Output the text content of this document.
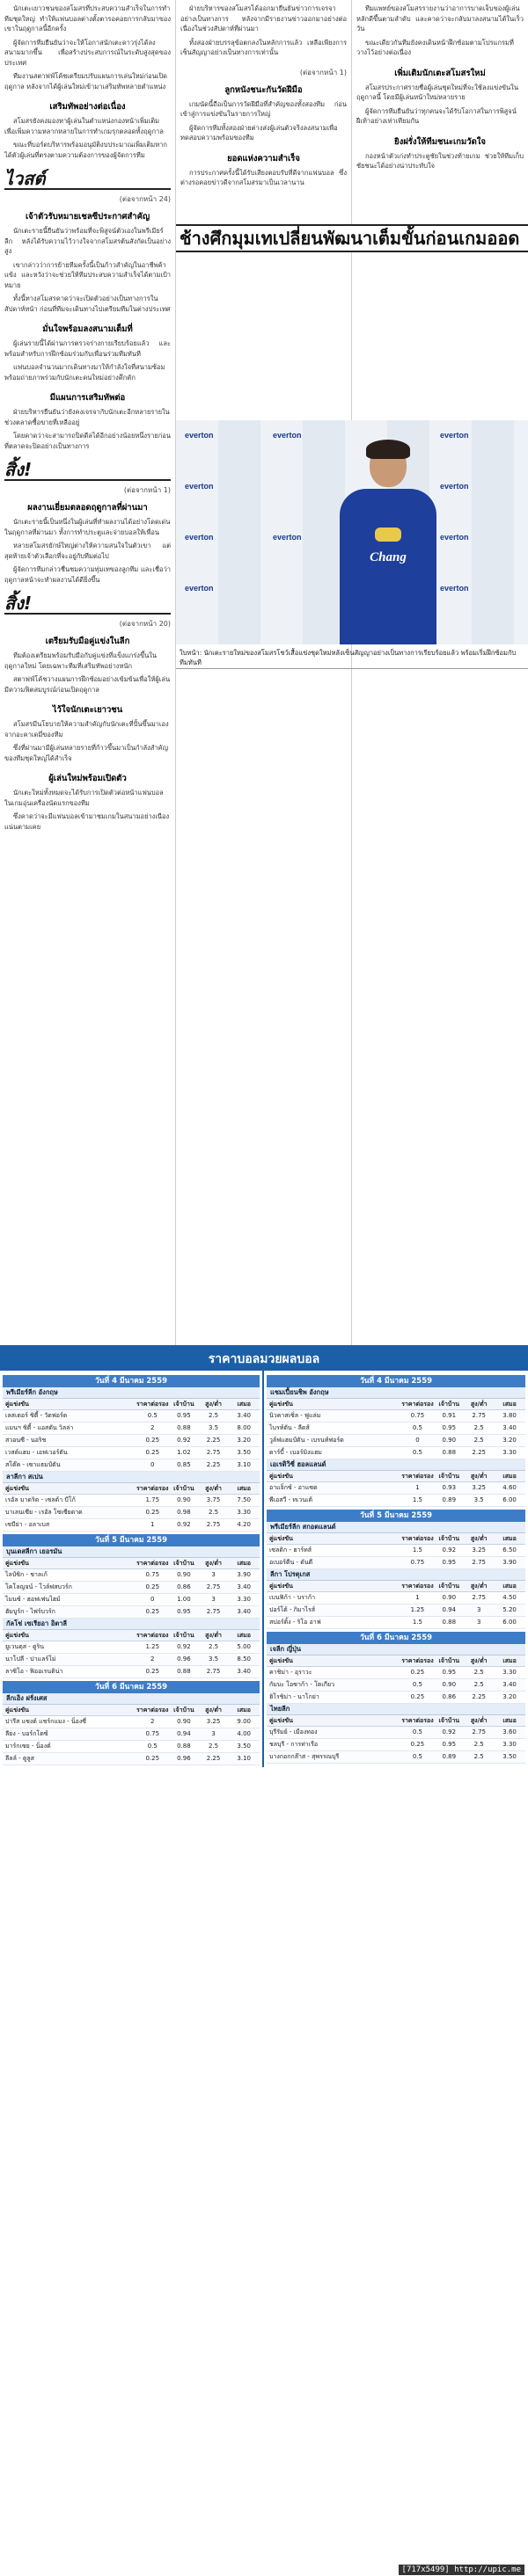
นักเตะเยาวชนของสโมสรที่ประสบความสำเร็จในการทำทีมชุดใหญ่ ทำให้แฟนบอลต่างตั้งตารอคอยการกลับมาของเขาในฤดูกาลนี้อีกครั้ง

ผู้จัดการทีมยืนยันว่าจะให้โอกาสนักเตะดาวรุ่งได้ลงสนามมากขึ้น เพื่อสร้างประสบการณ์ในระดับสูงสุดของประเทศ

ทีมงานสตาฟฟ์โค้ชเตรียมปรับแผนการเล่นใหม่ก่อนเปิดฤดูกาล หลังจากได้ผู้เล่นใหม่เข้ามาเสริมทัพหลายตำแหน่ง

เสริมทัพอย่างต่อเนื่อง

สโมสรยังคงมองหาผู้เล่นในตำแหน่งกองหน้าเพิ่มเติม เพื่อเพิ่มความหลากหลายในการทำเกมรุกตลอดทั้งฤดูกาล

ขณะที่บอร์ดบริหารพร้อมอนุมัติงบประมาณเพิ่มเติมหากได้ตัวผู้เล่นที่ตรงตามความต้องการของผู้จัดการทีม

ไวสต์
(ต่อจากหน้า 24)
เจ้าตัวรับหมายเชลซีประกาศสำคัญ

นักเตะรายนี้ยืนยันว่าพร้อมที่จะพิสูจน์ตัวเองในพรีเมียร์ลีก หลังได้รับความไว้วางใจจากสโมสรต้นสังกัดเป็นอย่างสูง

เขากล่าวว่าการย้ายทีมครั้งนี้เป็นก้าวสำคัญในอาชีพค้าแข้ง และหวังว่าจะช่วยให้ทีมประสบความสำเร็จได้ตามเป้าหมาย

ทั้งนี้ทางสโมสรคาดว่าจะเปิดตัวอย่างเป็นทางการในสัปดาห์หน้า ก่อนที่ทีมจะเดินทางไปเตรียมทีมในต่างประเทศ

มั่นใจพร้อมลงสนามเต็มที่

ผู้เล่นรายนี้ได้ผ่านการตรวจร่างกายเรียบร้อยแล้ว และพร้อมสำหรับการฝึกซ้อมร่วมกับเพื่อนร่วมทีมทันที

แฟนบอลจำนวนมากเดินทางมาให้กำลังใจที่สนามซ้อม พร้อมถ่ายภาพร่วมกับนักเตะคนใหม่อย่างคึกคัก

มีแผนการเสริมทัพต่อ

ฝ่ายบริหารยืนยันว่ายังคงเจรจากับนักเตะอีกหลายรายในช่วงตลาดซื้อขายที่เหลืออยู่

โดยคาดว่าจะสามารถปิดดีลได้อีกอย่างน้อยหนึ่งรายก่อนที่ตลาดจะปิดอย่างเป็นทางการ

สิ้ง!
(ต่อจากหน้า 1)
ผลงานเยี่ยมตลอดฤดูกาลที่ผ่านมา

นักเตะรายนี้เป็นหนึ่งในผู้เล่นที่ทำผลงานได้อย่างโดดเด่นในฤดูกาลที่ผ่านมา ทั้งการทำประตูและจ่ายบอลให้เพื่อน

หลายสโมสรยักษ์ใหญ่ต่างให้ความสนใจในตัวเขา แต่สุดท้ายเจ้าตัวเลือกที่จะอยู่กับทีมต่อไป

ผู้จัดการทีมกล่าวชื่นชมความทุ่มเทของลูกทีม และเชื่อว่าฤดูกาลหน้าจะทำผลงานได้ดียิ่งขึ้น

สิ้ง!
(ต่อจากหน้า 20)
เตรียมรับมือคู่แข่งในลีก

ทีมต้องเตรียมพร้อมรับมือกับคู่แข่งที่แข็งแกร่งขึ้นในฤดูกาลใหม่ โดยเฉพาะทีมที่เสริมทัพอย่างหนัก

สตาฟฟ์โค้ชวางแผนการฝึกซ้อมอย่างเข้มข้นเพื่อให้ผู้เล่นมีความฟิตสมบูรณ์ก่อนเปิดฤดูกาล

ไว้ใจนักเตะเยาวชน

สโมสรมีนโยบายให้ความสำคัญกับนักเตะที่ปั้นขึ้นมาเองจากอะคาเดมี่ของทีม

ซึ่งที่ผ่านมามีผู้เล่นหลายรายที่ก้าวขึ้นมาเป็นกำลังสำคัญของทีมชุดใหญ่ได้สำเร็จ

ผู้เล่นใหม่พร้อมเปิดตัว

นักเตะใหม่ทั้งหมดจะได้รับการเปิดตัวต่อหน้าแฟนบอลในเกมอุ่นเครื่องนัดแรกของทีม

ซึ่งคาดว่าจะมีแฟนบอลเข้ามาชมเกมในสนามอย่างเนืองแน่นตามเคย

ฝ่ายบริหารของสโมสรได้ออกมายืนยันข่าวการเจรจาอย่างเป็นทางการ หลังจากมีรายงานข่าวออกมาอย่างต่อเนื่องในช่วงสัปดาห์ที่ผ่านมา

ทั้งสองฝ่ายบรรลุข้อตกลงในหลักการแล้ว เหลือเพียงการเซ็นสัญญาอย่างเป็นทางการเท่านั้น

(ต่อจากหน้า 1)
ลูกหนังชนะกันวัดฝีมือ

เกมนัดนี้ถือเป็นการวัดฝีมือที่สำคัญของทั้งสองทีม ก่อนเข้าสู่การแข่งขันในรายการใหญ่

ผู้จัดการทีมทั้งสองฝ่ายต่างส่งผู้เล่นตัวจริงลงสนามเพื่อทดสอบความพร้อมของทีม

ยอดแห่งความสำเร็จ

การประกาศครั้งนี้ได้รับเสียงตอบรับที่ดีจากแฟนบอล ซึ่งต่างรอคอยข่าวดีจากสโมสรมาเป็นเวลานาน

ทีมแพทย์ของสโมสรรายงานว่าอาการบาดเจ็บของผู้เล่นหลักดีขึ้นตามลำดับ และคาดว่าจะกลับมาลงสนามได้ในเร็ววัน

ขณะเดียวกันทีมยังคงเดินหน้าฝึกซ้อมตามโปรแกรมที่วางไว้อย่างต่อเนื่อง

เพิ่มเติมนักเตะสโมสรใหม่

สโมสรประกาศรายชื่อผู้เล่นชุดใหม่ที่จะใช้ลงแข่งขันในฤดูกาลนี้ โดยมีผู้เล่นหน้าใหม่หลายราย

ผู้จัดการทีมยืนยันว่าทุกคนจะได้รับโอกาสในการพิสูจน์ฝีเท้าอย่างเท่าเทียมกัน

ยิงฝรั่งให้ทีมชนะเกมวัดใจ

กองหน้าตัวเก่งทำประตูชัยในช่วงท้ายเกม ช่วยให้ทีมเก็บชัยชนะได้อย่างน่าประทับใจ

ช้างศึกมุมเทเปลี่ยนพัฒนาเต็มขั้นก่อนเกมออด
everton	everton	everton
everton	everton
everton	everton	everton
everton	everton
Chang
ใบหน้า: นักเตะรายใหม่ของสโมสรโชว์เสื้อแข่งชุดใหม่หลังเซ็นสัญญาอย่างเป็นทางการเรียบร้อยแล้ว พร้อมเริ่มฝึกซ้อมกับทีมทันที
ราคาบอลมวยผลบอล
วันที่ 4 มีนาคม 2559
พรีเมียร์ลีก อังกฤษ
คู่แข่งขัน	ราคาต่อรอง เจ้าบ้าน	สูง/ต่ำ	เสมอ
เลสเตอร์ ซิตี้ - วัตฟอร์ด	0.5	0.95	2.5	3.40
แมนฯ ซิตี้ - แอสตัน วิลล่า	2	0.88	3.5	8.00
สวอนซี - นอริช	0.25	0.92	2.25	3.20
เวสต์แฮม - เอฟเวอร์ตัน	0.25	1.02	2.75	3.50
สโต๊ค - เซาแธมป์ตัน	0	0.85	2.25	3.10
ลาลีกา สเปน
คู่แข่งขัน	ราคาต่อรอง เจ้าบ้าน	สูง/ต่ำ	เสมอ
เรอัล มาดริด - เซลต้า บีโก้	1.75	0.90	3.75	7.50
บาเลนเซีย - เรอัล โซเซียดาด	0.25	0.98	2.5	3.30
เซบีย่า - อลาเบส	1	0.92	2.75	4.20
วันที่ 5 มีนาคม 2559
บุนเดสลีกา เยอรมัน
คู่แข่งขัน	ราคาต่อรอง เจ้าบ้าน	สูง/ต่ำ	เสมอ
ไลป์ซิก - ชาลเก้	0.75	0.90	3	3.90
โคโลญจน์ - โวล์ฟสบวร์ก	0.25	0.86	2.75	3.40
ไมนซ์ - ฮอฟเฟนไฮม์	0	1.00	3	3.30
ฮัมบูร์ก - ไฟร์บวร์ก	0.25	0.95	2.75	3.40
กัลโช่ เซเรียอา อิตาลี
คู่แข่งขัน	ราคาต่อรอง เจ้าบ้าน	สูง/ต่ำ	เสมอ
ยูเวนตุส - ตูริน	1.25	0.92	2.5	5.00
นาโปลี - ปาแลร์โม่	2	0.96	3.5	8.50
ลาซิโอ - ฟิออเรนติน่า	0.25	0.88	2.75	3.40
วันที่ 6 มีนาคม 2559
ลีกเอิง ฝรั่งเศส
คู่แข่งขัน	ราคาต่อรอง เจ้าบ้าน	สูง/ต่ำ	เสมอ
ปารีส แซงต์ แชร์กแมง - น็องซี่	2	0.90	3.25	9.00
ลียง - บอร์กโดซ์	0.75	0.94	3	4.00
มาร์กเซย - น็องต์	0.5	0.88	2.5	3.50
ลีลล์ - ตูลูส	0.25	0.96	2.25	3.10
วันที่ 4 มีนาคม 2559
แชมเปี้ยนชิพ อังกฤษ
คู่แข่งขัน	ราคาต่อรอง เจ้าบ้าน	สูง/ต่ำ	เสมอ
นิวคาสเซิ่ล - ฟูแล่ม	0.75	0.91	2.75	3.80
ไบรท์ตัน - ลีดส์	0.5	0.95	2.5	3.40
วูล์ฟแฮมป์ตัน - เบรนท์ฟอร์ด	0	0.90	2.5	3.20
ดาร์บี้ - เบอร์มิงแฮม	0.5	0.88	2.25	3.30
เอเรดิวิซี่ ฮอลแลนด์
คู่แข่งขัน	ราคาต่อรอง เจ้าบ้าน	สูง/ต่ำ	เสมอ
อาแจ็กซ์ - อาแซด	1	0.93	3.25	4.60
พีเอสวี - ทเวนเต้	1.5	0.89	3.5	6.00
วันที่ 5 มีนาคม 2559
พรีเมียร์ลีก สกอตแลนด์
คู่แข่งขัน	ราคาต่อรอง เจ้าบ้าน	สูง/ต่ำ	เสมอ
เซลติก - ฮาร์ทส์	1.5	0.92	3.25	6.50
อเบอร์ดีน - ดันดี	0.75	0.95	2.75	3.90
ลีกา โปรตุเกส
คู่แข่งขัน	ราคาต่อรอง เจ้าบ้าน	สูง/ต่ำ	เสมอ
เบนฟิก้า - บราก้า	1	0.90	2.75	4.50
ปอร์โต้ - กิมาไรส์	1.25	0.94	3	5.20
สปอร์ติ้ง - ริโอ อาฟ	1.5	0.88	3	6.00
วันที่ 6 มีนาคม 2559
เจลีก ญี่ปุ่น
คู่แข่งขัน	ราคาต่อรอง เจ้าบ้าน	สูง/ต่ำ	เสมอ
คาชิม่า - อุราวะ	0.25	0.95	2.5	3.30
กัมบะ โอซาก้า - โตเกียว	0.5	0.90	2.5	3.40
ฮิโรชิม่า - นาโกย่า	0.25	0.86	2.25	3.20
ไทยลีก
คู่แข่งขัน	ราคาต่อรอง เจ้าบ้าน	สูง/ต่ำ	เสมอ
บุรีรัมย์ - เมืองทอง	0.5	0.92	2.75	3.60
ชลบุรี - การท่าเรือ	0.25	0.95	2.5	3.30
บางกอกกล๊าส - สุพรรณบุรี	0.5	0.89	2.5	3.50
[717x5499] http://upic.me
